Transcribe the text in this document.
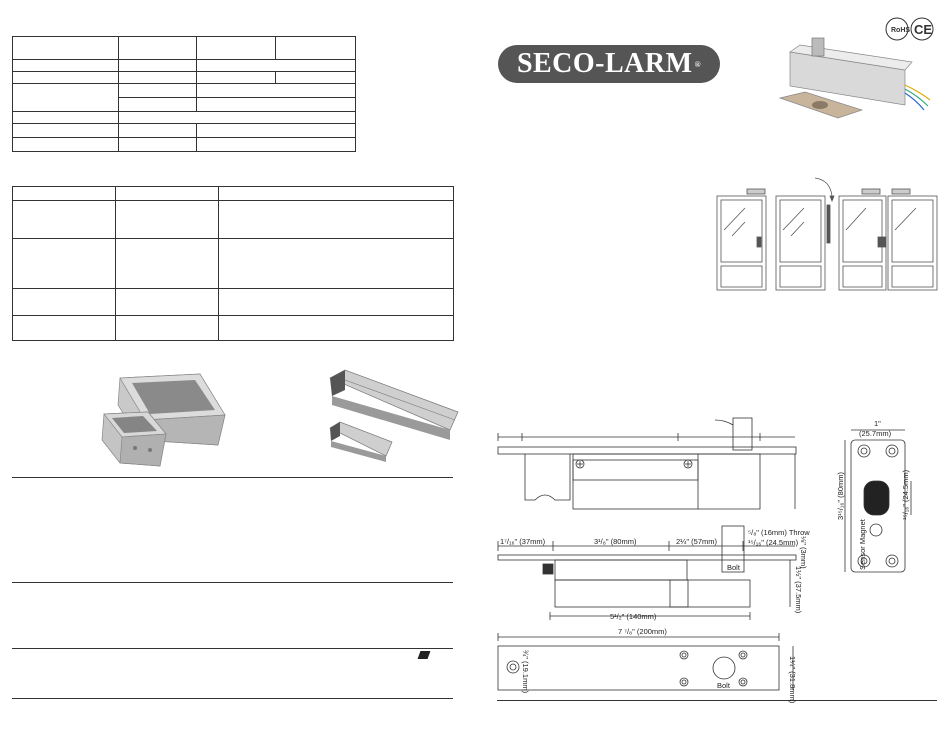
1⁷/₁₆" (37mm)	3¹/₈" (80mm)	2¼" (57mm)
⁵/₈" (16mm) Throw
¹⁵/₁₆" (24.5mm)
Bolt
5¹/₂" (140mm)
7 ⁷/₈" (200mm)
Bolt
1"
(25.7mm)
3¹⁵/₁₆" (80mm)	¹⁵/₁₆" (24.5mm)
Sensor Magnet
⅛" (3mm)
1½" (37.5mm)
¾" (19.1mm)	1¼" (31.8mm)
RoHS CE
SECO-LARM ®
